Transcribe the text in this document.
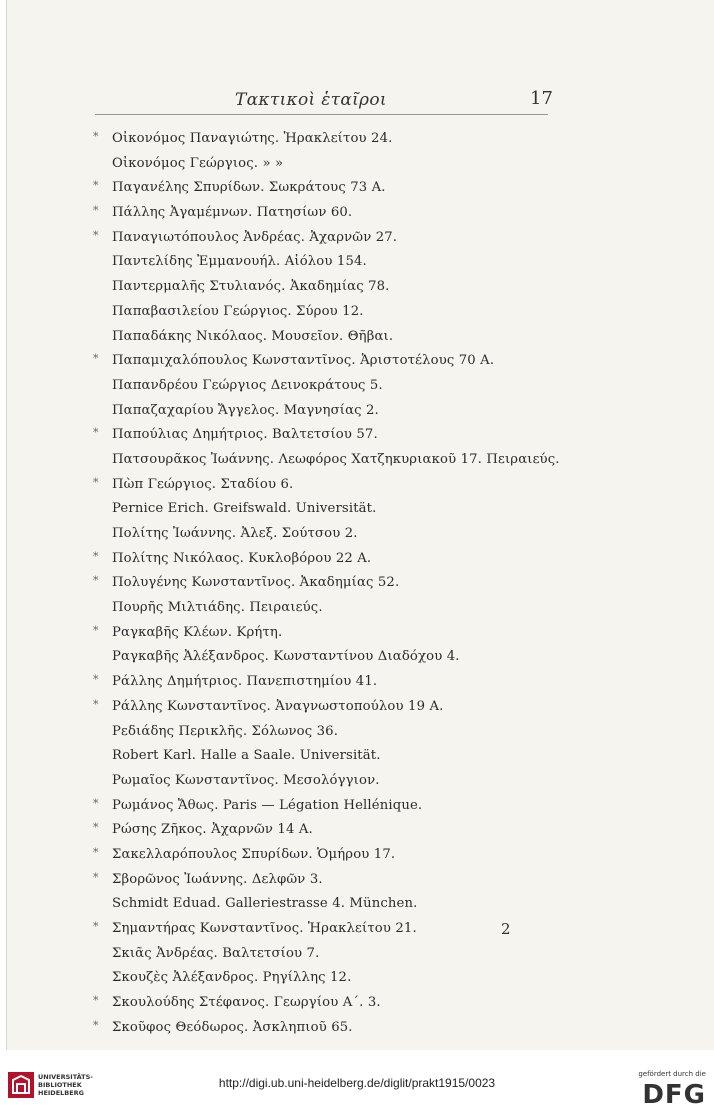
Τακτικοὶ ἑταῖροι	17
*	Οἰκονόμος Παναγιώτης. Ἡρακλείτου 24.
Οἰκονόμος Γεώργιος. » »
*	Παγανέλης Σπυρίδων. Σωκράτους 73 Α.
*	Πάλλης Ἀγαμέμνων. Πατησίων 60.
*	Παναγιωτόπουλος Ἀνδρέας. Ἀχαρνῶν 27.
Παντελίδης Ἐμμανουήλ. Αἰόλου 154.
Παντερμαλῆς Στυλιανός. Ἀκαδημίας 78.
Παπαβασιλείου Γεώργιος. Σύρου 12.
Παπαδάκης Νικόλαος. Μουσεῖον. Θῆβαι.
*	Παπαμιχαλόπουλος Κωνσταντῖνος. Ἀριστοτέλους 70 Α.
Παπανδρέου Γεώργιος Δεινοκράτους 5.
Παπαζαχαρίου Ἄγγελος. Μαγνησίας 2.
*	Παπούλιας Δημήτριος. Βαλτετσίου 57.
Πατσουρᾶκος Ἰωάννης. Λεωφόρος Χατζηκυριακοῦ 17. Πειραιεύς.
*	Πὼπ Γεώργιος. Σταδίου 6.
Pernice Erich. Greifswald. Universität.
Πολίτης Ἰωάννης. Ἀλεξ. Σούτσου 2.
*	Πολίτης Νικόλαος. Κυκλοβόρου 22 Α.
*	Πολυγένης Κωνσταντῖνος. Ἀκαδημίας 52.
Πουρῆς Μιλτιάδης. Πειραιεύς.
*	Ραγκαβῆς Κλέων. Κρήτη.
Ραγκαβῆς Ἀλέξανδρος. Κωνσταντίνου Διαδόχου 4.
*	Ράλλης Δημήτριος. Πανεπιστημίου 41.
*	Ράλλης Κωνσταντῖνος. Ἀναγνωστοπούλου 19 Α.
Ρεδιάδης Περικλῆς. Σόλωνος 36.
Robert Karl. Halle a Saale. Universität.
Ρωμαῖος Κωνσταντῖνος. Μεσολόγγιον.
*	Ρωμάνος Ἄθως. Paris — Légation Hellénique.
*	Ρώσης Ζῆκος. Ἀχαρνῶν 14 Α.
*	Σακελλαρόπουλος Σπυρίδων. Ὁμήρου 17.
*	Σβορῶνος Ἰωάννης. Δελφῶν 3.
Schmidt Eduad. Galleriestrasse 4. München.
*	Σημαντήρας Κωνσταντῖνος. Ἡρακλείτου 21.
Σκιᾶς Ἀνδρέας. Βαλτετσίου 7.
Σκουζὲς Ἀλέξανδρος. Ρηγίλλης 12.
*	Σκουλούδης Στέφανος. Γεωργίου Α΄. 3.
*	Σκοῦφος Θεόδωρος. Ἀσκληπιοῦ 65.
2
UNIVERSITÄTS-
BIBLIOTHEK
HEIDELBERG
http://digi.ub.uni-heidelberg.de/diglit/prakt1915/0023
gefördert durch die
DFG
